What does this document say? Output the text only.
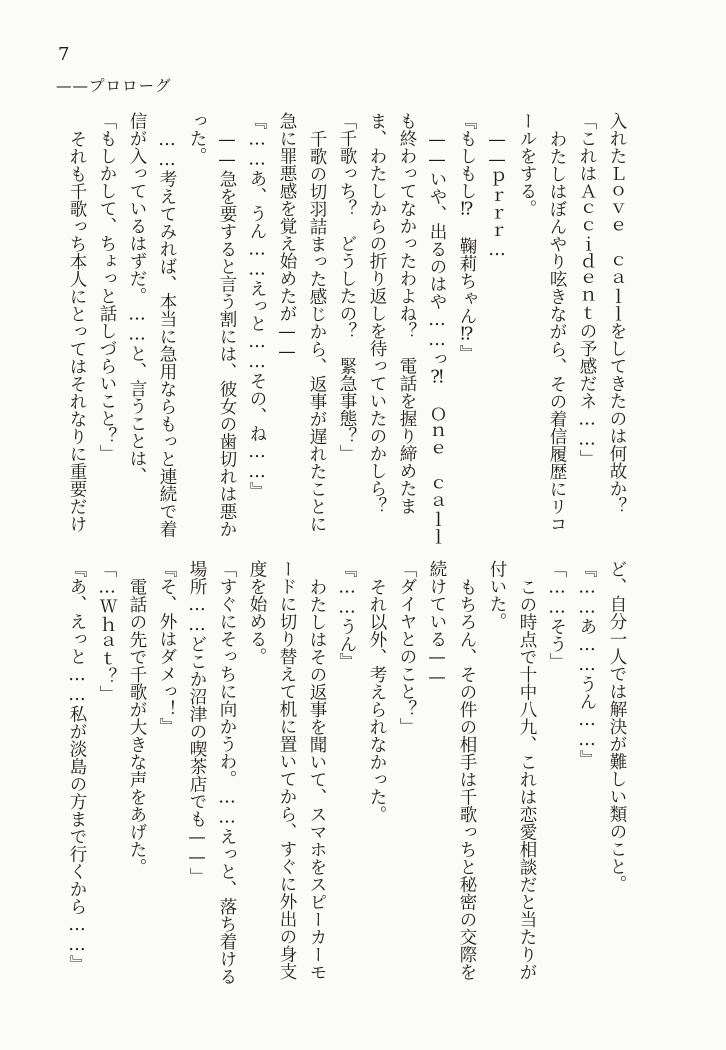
7
——プロローグ

入れたＬｏｖｅ　ｃａｌｌをしてきたのは何故か？

「これはＡｃｃｉｄｅｎｔの予感だネ……」

わたしはぼんやり呟きながら、その着信履歴にリコ

ールをする。

——ｐｒｒｒ…

『もしもし⁉　鞠莉ちゃん⁉』

——いや、出るのはや……っ⁈　Ｏｎｅ　ｃａｌｌ

も終わってなかったわよね？　電話を握り締めたま

ま、わたしからの折り返しを待っていたのかしら？

「千歌っち？　どうしたの？　緊急事態？」

千歌の切羽詰まった感じから、返事が遅れたことに

急に罪悪感を覚え始めたが——

『……あ、うん……えっと……その、ね……』

——急を要すると言う割には、彼女の歯切れは悪か

った。

……考えてみれば、本当に急用ならもっと連続で着

信が入っているはずだ。……と、言うことは、

「もしかして、ちょっと話しづらいこと？」

それも千歌っち本人にとってはそれなりに重要だけ

ど、自分一人では解決が難しい類のこと。

『……あ……うん……』

「……そう」

この時点で十中八九、これは恋愛相談だと当たりが

付いた。

もちろん、その件の相手は千歌っちと秘密の交際を

続けている——

「ダイヤとのこと？」

それ以外、考えられなかった。

『……うん』

わたしはその返事を聞いて、スマホをスピーカーモ

ードに切り替えて机に置いてから、すぐに外出の身支

度を始める。

「すぐにそっちに向かうわ。……えっと、落ち着ける

場所……どこか沼津の喫茶店でも——」

『そ、外はダメっ！』

電話の先で千歌が大きな声をあげた。

「…Ｗｈａｔ？」

『あ、えっと……私が淡島の方まで行くから……』
